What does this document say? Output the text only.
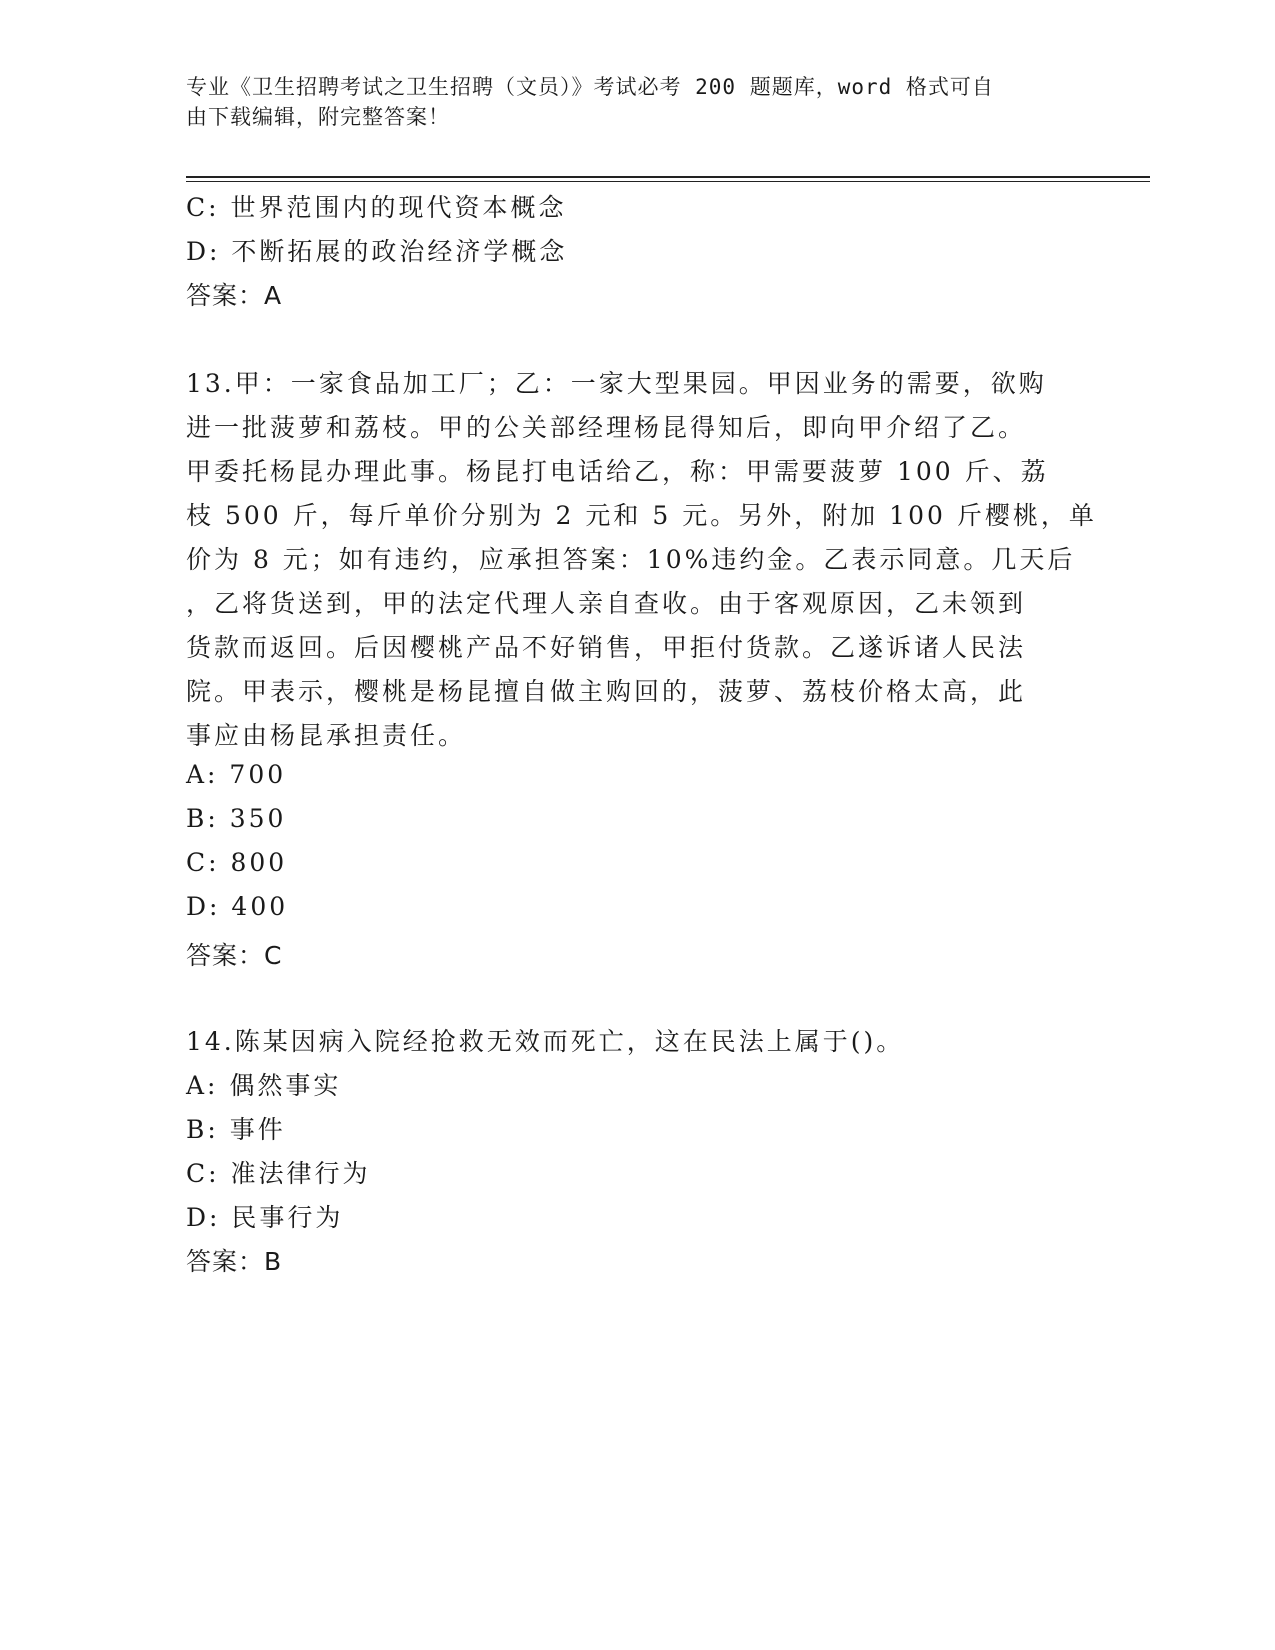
专业《卫生招聘考试之卫生招聘（文员）》考试必考 200 题题库，word 格式可自
由下载编辑，附完整答案！
C: 世界范围内的现代资本概念
D: 不断拓展的政治经济学概念
答案：A
13.甲：一家食品加工厂；乙：一家大型果园。甲因业务的需要，欲购
进一批菠萝和荔枝。甲的公关部经理杨昆得知后，即向甲介绍了乙。
甲委托杨昆办理此事。杨昆打电话给乙，称：甲需要菠萝 100 斤、荔
枝 500 斤，每斤单价分别为 2 元和 5 元。另外，附加 100 斤樱桃，单
价为 8 元；如有违约，应承担答案：10%违约金。乙表示同意。几天后
，乙将货送到，甲的法定代理人亲自查收。由于客观原因，乙未领到
货款而返回。后因樱桃产品不好销售，甲拒付货款。乙遂诉诸人民法
院。甲表示，樱桃是杨昆擅自做主购回的，菠萝、荔枝价格太高，此
事应由杨昆承担责任。
A: 700
B: 350
C: 800
D: 400
答案：C
14.陈某因病入院经抢救无效而死亡，这在民法上属于()。
A: 偶然事实
B: 事件
C: 准法律行为
D: 民事行为
答案：B
